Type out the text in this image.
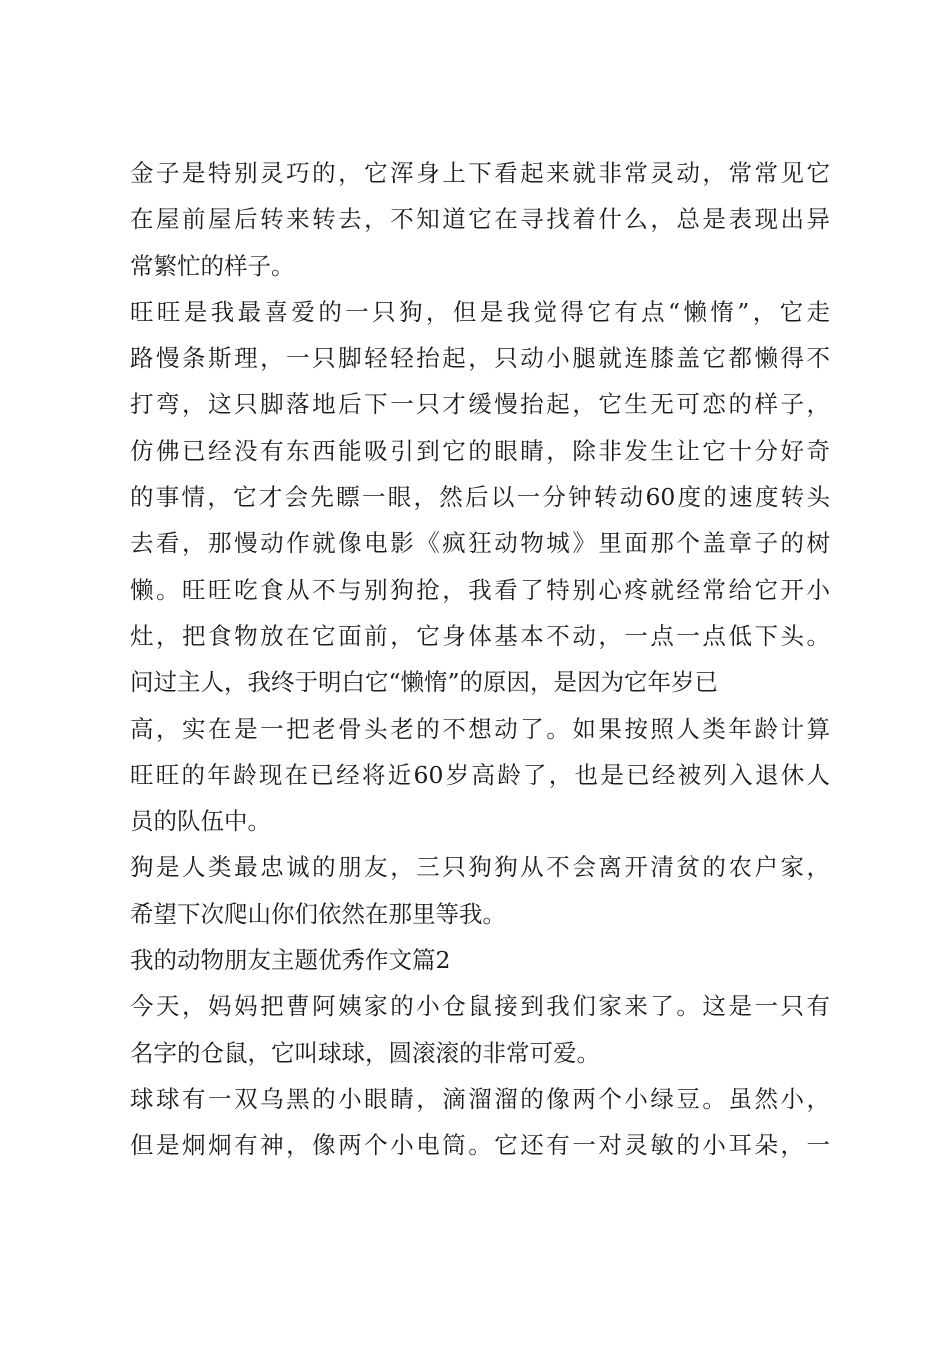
金子是特别灵巧的，它浑身上下看起来就非常灵动，常常见它
在屋前屋后转来转去，不知道它在寻找着什么，总是表现出异
常繁忙的样子。
旺旺是我最喜爱的一只狗，但是我觉得它有点“懒惰”，它走
路慢条斯理，一只脚轻轻抬起，只动小腿就连膝盖它都懒得不
打弯，这只脚落地后下一只才缓慢抬起，它生无可恋的样子，
仿佛已经没有东西能吸引到它的眼睛，除非发生让它十分好奇
的事情，它才会先瞟一眼，然后以一分钟转动60度的速度转头
去看，那慢动作就像电影《疯狂动物城》里面那个盖章子的树
懒。旺旺吃食从不与别狗抢，我看了特别心疼就经常给它开小
灶，把食物放在它面前，它身体基本不动，一点一点低下头。
问过主人，我终于明白它“懒惰”的原因，是因为它年岁已
高，实在是一把老骨头老的不想动了。如果按照人类年龄计算
旺旺的年龄现在已经将近60岁高龄了，也是已经被列入退休人
员的队伍中。
狗是人类最忠诚的朋友，三只狗狗从不会离开清贫的农户家，
希望下次爬山你们依然在那里等我。
我的动物朋友主题优秀作文篇2
今天，妈妈把曹阿姨家的小仓鼠接到我们家来了。这是一只有
名字的仓鼠，它叫球球，圆滚滚的非常可爱。
球球有一双乌黑的小眼睛，滴溜溜的像两个小绿豆。虽然小，
但是炯炯有神，像两个小电筒。它还有一对灵敏的小耳朵，一
